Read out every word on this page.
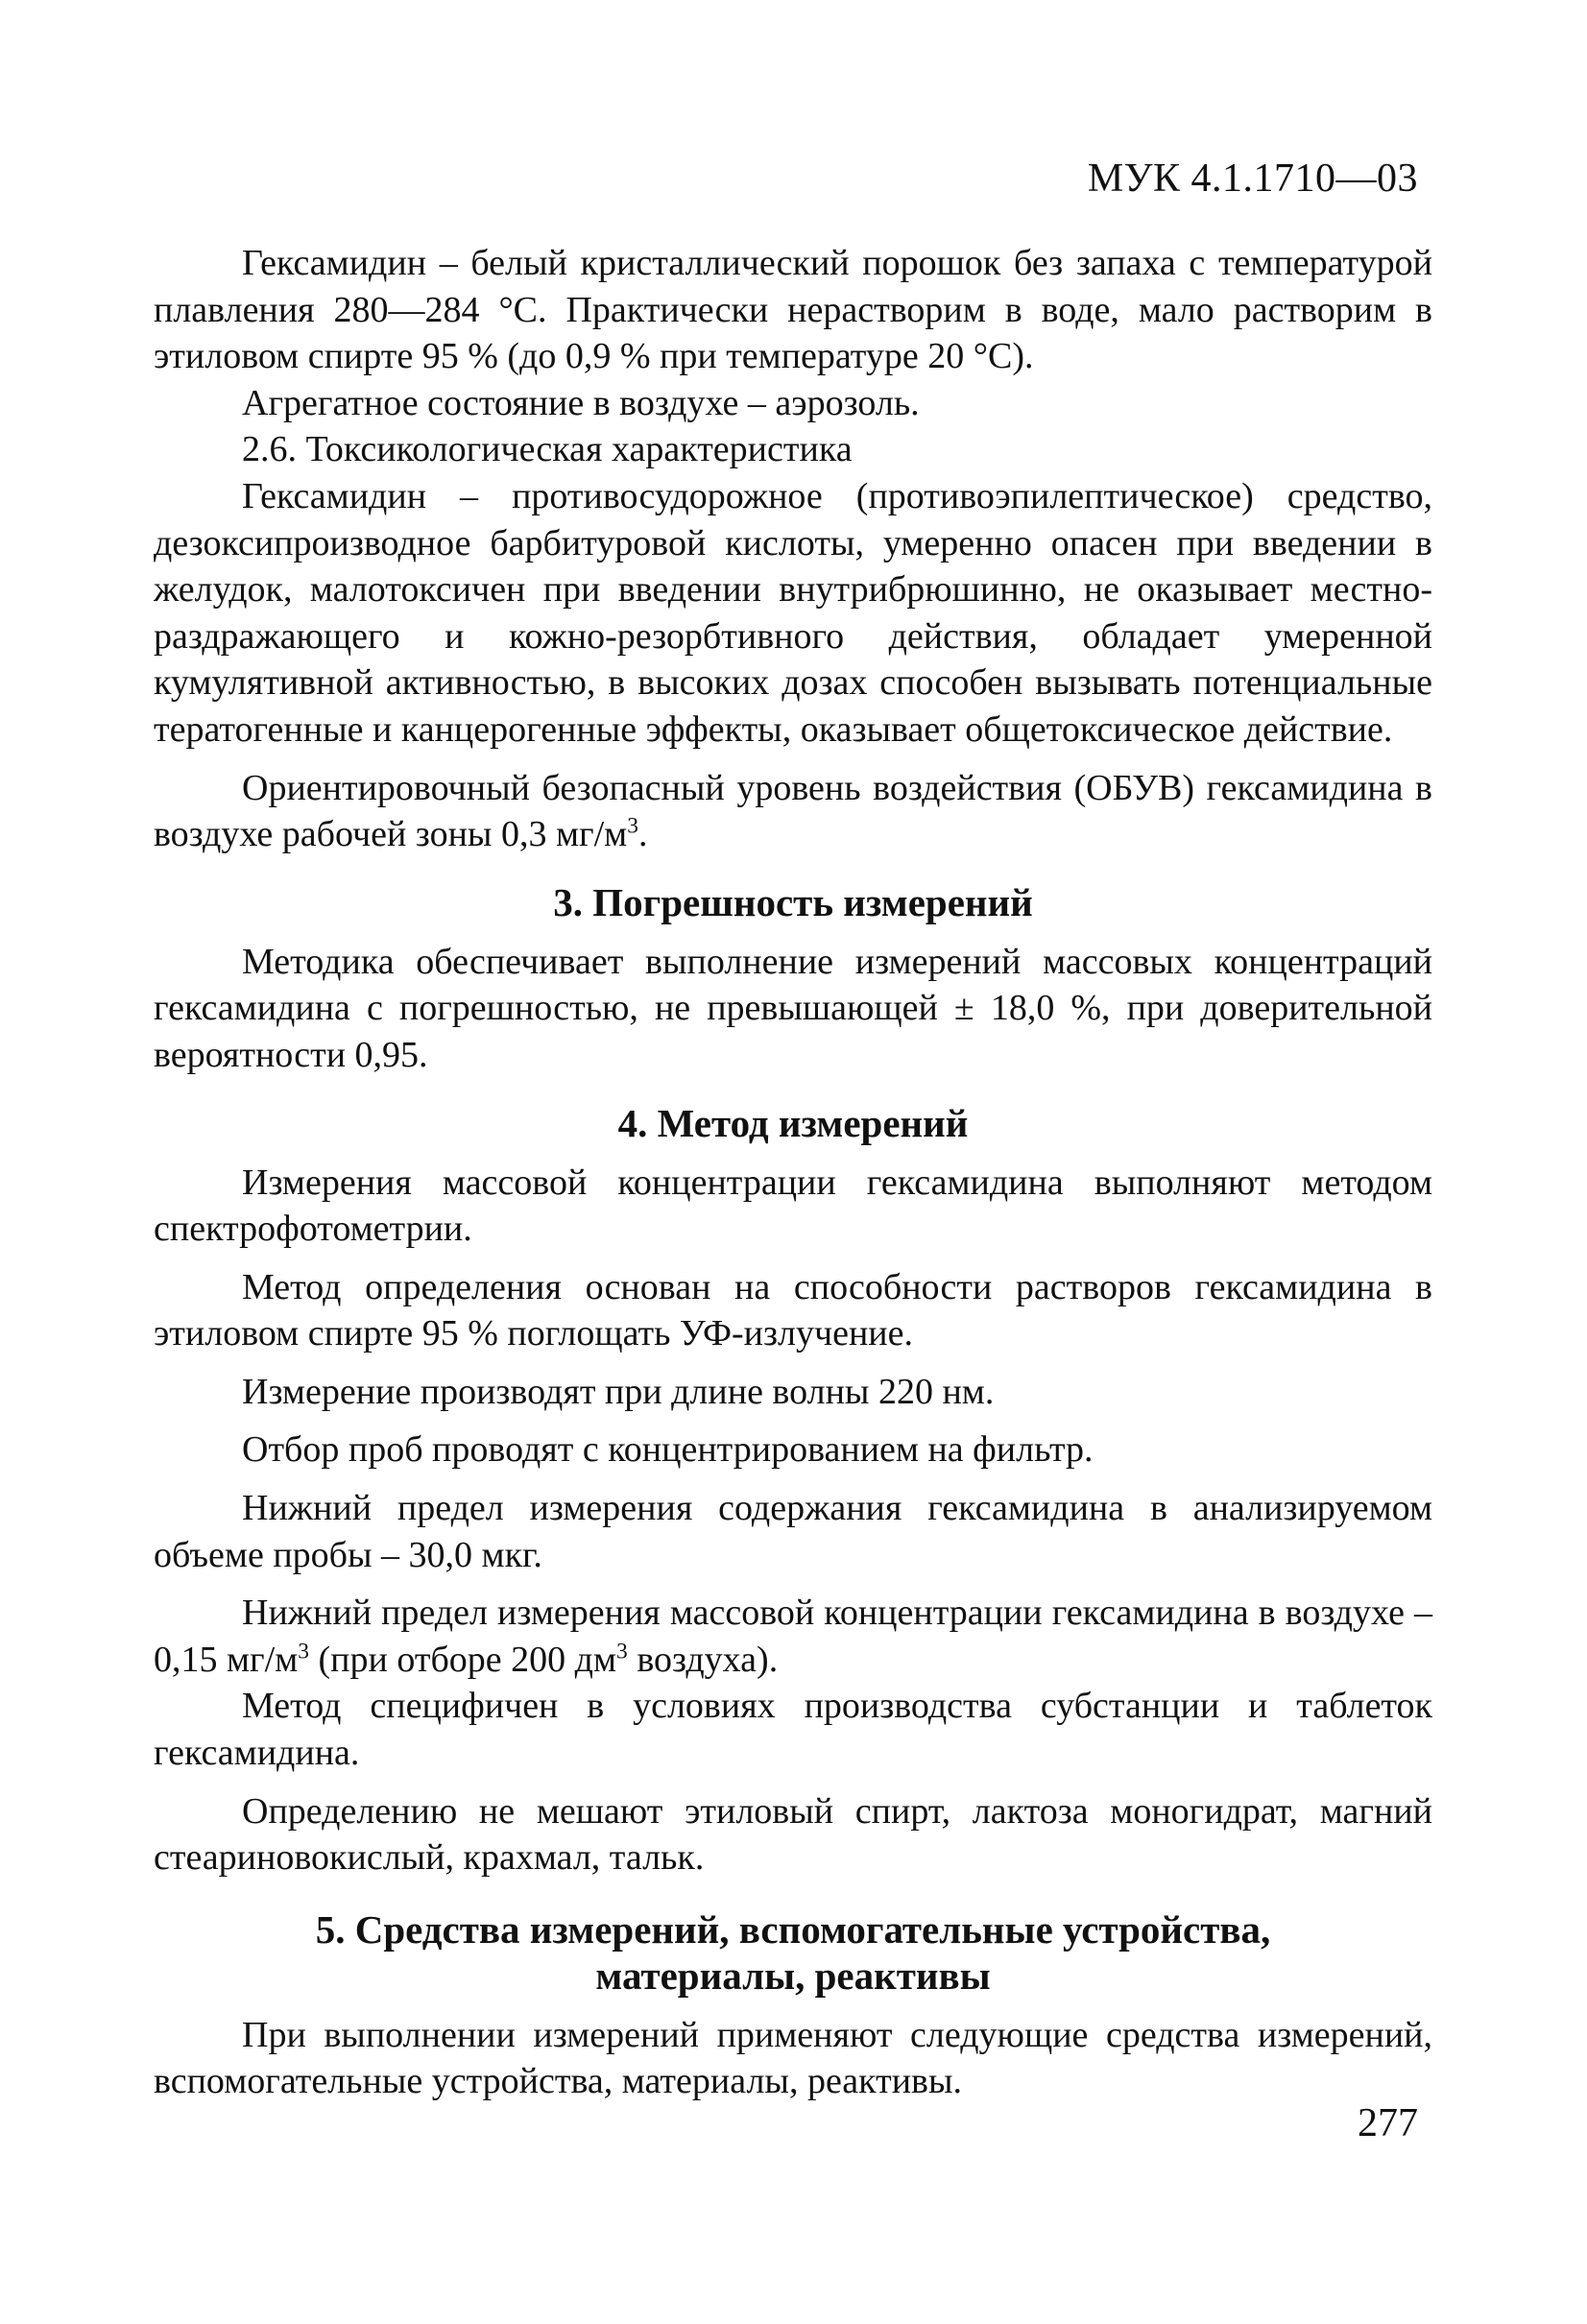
МУК 4.1.1710—03

Гексамидин – белый кристаллический порошок без запаха с температурой плавления 280—284 °С. Практически нерастворим в воде, мало растворим в этиловом спирте 95 % (до 0,9 % при температуре 20 °С).

Агрегатное состояние в воздухе – аэрозоль.

2.6. Токсикологическая характеристика

Гексамидин – противосудорожное (противоэпилептическое) средство, дезоксипроизводное барбитуровой кислоты, умеренно опасен при введении в желудок, малотоксичен при введении внутрибрюшинно, не оказывает местно-раздражающего и кожно-резорбтивного действия, обладает умеренной кумулятивной активностью, в высоких дозах способен вызывать потенциальные тератогенные и канцерогенные эффекты, оказывает общетоксическое действие.

Ориентировочный безопасный уровень воздействия (ОБУВ) гексамидина в воздухе рабочей зоны 0,3 $мг/м^3$.

3. Погрешность измерений

Методика обеспечивает выполнение измерений массовых концентраций гексамидина с погрешностью, не превышающей ± 18,0 %, при доверительной вероятности 0,95.

4. Метод измерений

Измерения массовой концентрации гексамидина выполняют методом спектрофотометрии.

Метод определения основан на способности растворов гексамидина в этиловом спирте 95 % поглощать УФ-излучение.

Измерение производят при длине волны 220 нм.

Отбор проб проводят с концентрированием на фильтр.

Нижний предел измерения содержания гексамидина в анализируемом объеме пробы – 30,0 мкг.

Нижний предел измерения массовой концентрации гексамидина в воздухе – 0,15 $мг/м^3$ (при отборе 200 $дм^3$ воздуха).

Метод специфичен в условиях производства субстанции и таблеток гексамидина.

Определению не мешают этиловый спирт, лактоза моногидрат, магний стеариновокислый, крахмал, тальк.

5. Средства измерений, вспомогательные устройства,
материалы, реактивы

При выполнении измерений применяют следующие средства измерений, вспомогательные устройства, материалы, реактивы.

277
